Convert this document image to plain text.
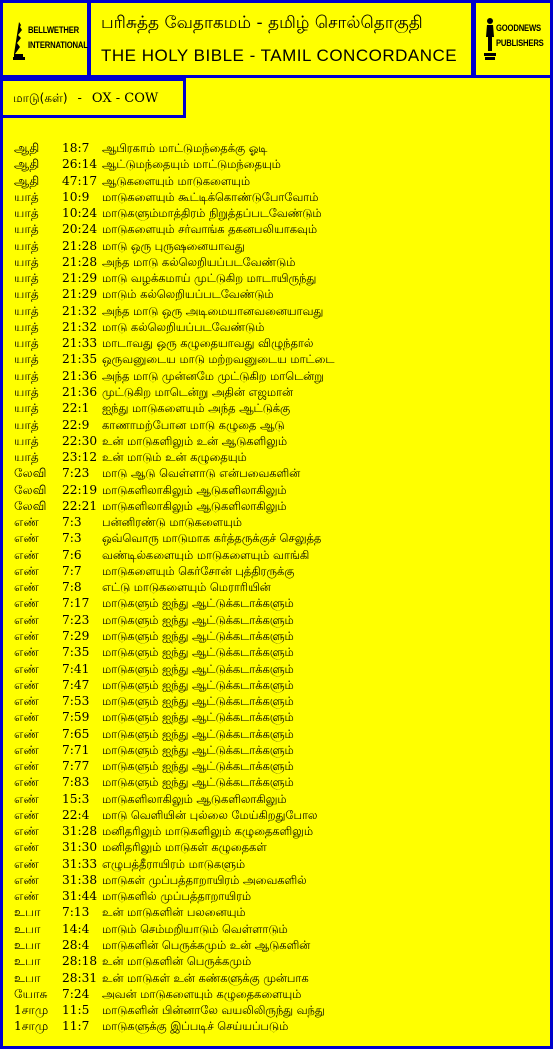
BELLWETHER
INTERNATIONAL
பரிசுத்த வேதாகமம் - தமிழ் சொல்தொகுதி
THE HOLY BIBLE - TAMIL CONCORDANCE
GOODNEWS
PUBLISHERS
மாடு(கள்) - OX - COW
ஆதி 18:7 ஆபிரகாம் மாட்டுமந்தைக்கு ஓடி
ஆதி 26:14 ஆட்டுமந்தையும் மாட்டுமந்தையும்
ஆதி 47:17 ஆடுகளையும் மாடுகளையும்
யாத் 10:9 மாடுகளையும் கூட்டிக்கொண்டுபோவோம்
யாத் 10:24 மாடுகளும்மாத்திரம் நிறுத்தப்படவேண்டும்
யாத் 20:24 மாடுகளையும் சர்வாங்க தகனபலியாகவும்
யாத் 21:28 மாடு ஒரு புருஷனையாவது
யாத் 21:28 அந்த மாடு கல்லெறியப்படவேண்டும்
யாத் 21:29 மாடு வழக்கமாய் முட்டுகிற மாடாயிருந்து
யாத் 21:29 மாடும் கல்லெறியப்படவேண்டும்
யாத் 21:32 அந்த மாடு ஒரு அடிமையானவனையாவது
யாத் 21:32 மாடு கல்லெறியப்படவேண்டும்
யாத் 21:33 மாடாவது ஒரு கழுதையாவது விழுந்தால்
யாத் 21:35 ஒருவனுடைய மாடு மற்றவனுடைய மாட்டை
யாத் 21:36 அந்த மாடு முன்னமே முட்டுகிற மாடென்று
யாத் 21:36 முட்டுகிற மாடென்று அதின் எஜமான்
யாத் 22:1 ஐந்து மாடுகளையும் அந்த ஆட்டுக்கு
யாத் 22:9 காணாமற்போன மாடு கழுதை ஆடு
யாத் 22:30 உன் மாடுகளிலும் உன் ஆடுகளிலும்
யாத் 23:12 உன் மாடும் உன் கழுதையும்
லேவி 7:23 மாடு ஆடு வெள்ளாடு என்பவைகளின்
லேவி 22:19 மாடுகளிலாகிலும் ஆடுகளிலாகிலும்
லேவி 22:21 மாடுகளிலாகிலும் ஆடுகளிலாகிலும்
எண் 7:3 பன்னிரண்டு மாடுகளையும்
எண் 7:3 ஒவ்வொரு மாடுமாக கர்த்தருக்குச் செலுத்த
எண் 7:6 வண்டில்களையும் மாடுகளையும் வாங்கி
எண் 7:7 மாடுகளையும் கெர்சோன் புத்திரருக்கு
எண் 7:8 எட்டு மாடுகளையும் மெராரியின்
எண் 7:17 மாடுகளும் ஐந்து ஆட்டுக்கடாக்களும்
எண் 7:23 மாடுகளும் ஐந்து ஆட்டுக்கடாக்களும்
எண் 7:29 மாடுகளும் ஐந்து ஆட்டுக்கடாக்களும்
எண் 7:35 மாடுகளும் ஐந்து ஆட்டுக்கடாக்களும்
எண் 7:41 மாடுகளும் ஐந்து ஆட்டுக்கடாக்களும்
எண் 7:47 மாடுகளும் ஐந்து ஆட்டுக்கடாக்களும்
எண் 7:53 மாடுகளும் ஐந்து ஆட்டுக்கடாக்களும்
எண் 7:59 மாடுகளும் ஐந்து ஆட்டுக்கடாக்களும்
எண் 7:65 மாடுகளும் ஐந்து ஆட்டுக்கடாக்களும்
எண் 7:71 மாடுகளும் ஐந்து ஆட்டுக்கடாக்களும்
எண் 7:77 மாடுகளும் ஐந்து ஆட்டுக்கடாக்களும்
எண் 7:83 மாடுகளும் ஐந்து ஆட்டுக்கடாக்களும்
எண் 15:3 மாடுகளிலாகிலும் ஆடுகளிலாகிலும்
எண் 22:4 மாடு வெளியின் புல்லை மேய்கிறதுபோல
எண் 31:28 மனிதரிலும் மாடுகளிலும் கழுதைகளிலும்
எண் 31:30 மனிதரிலும் மாடுகள் கழுதைகள்
எண் 31:33 எழுபத்தீராயிரம் மாடுகளும்
எண் 31:38 மாடுகள் முப்பத்தாறாயிரம் அவைகளில்
எண் 31:44 மாடுகளில் முப்பத்தாறாயிரம்
உபா 7:13 உன் மாடுகளின் பலனையும்
உபா 14:4 மாடும் செம்மறியாடும் வெள்ளாடும்
உபா 28:4 மாடுகளின் பெருக்கமும் உன் ஆடுகளின்
உபா 28:18 உன் மாடுகளின் பெருக்கமும்
உபா 28:31 உன் மாடுகள் உன் கண்களுக்கு முன்பாக
யோசு 7:24 அவன் மாடுகளையும் கழுதைகளையும்
1சாமு 11:5 மாடுகளின் பின்னாலே வயலிலிருந்து வந்து
1சாமு 11:7 மாடுகளுக்கு இப்படிச் செய்யப்படும்
